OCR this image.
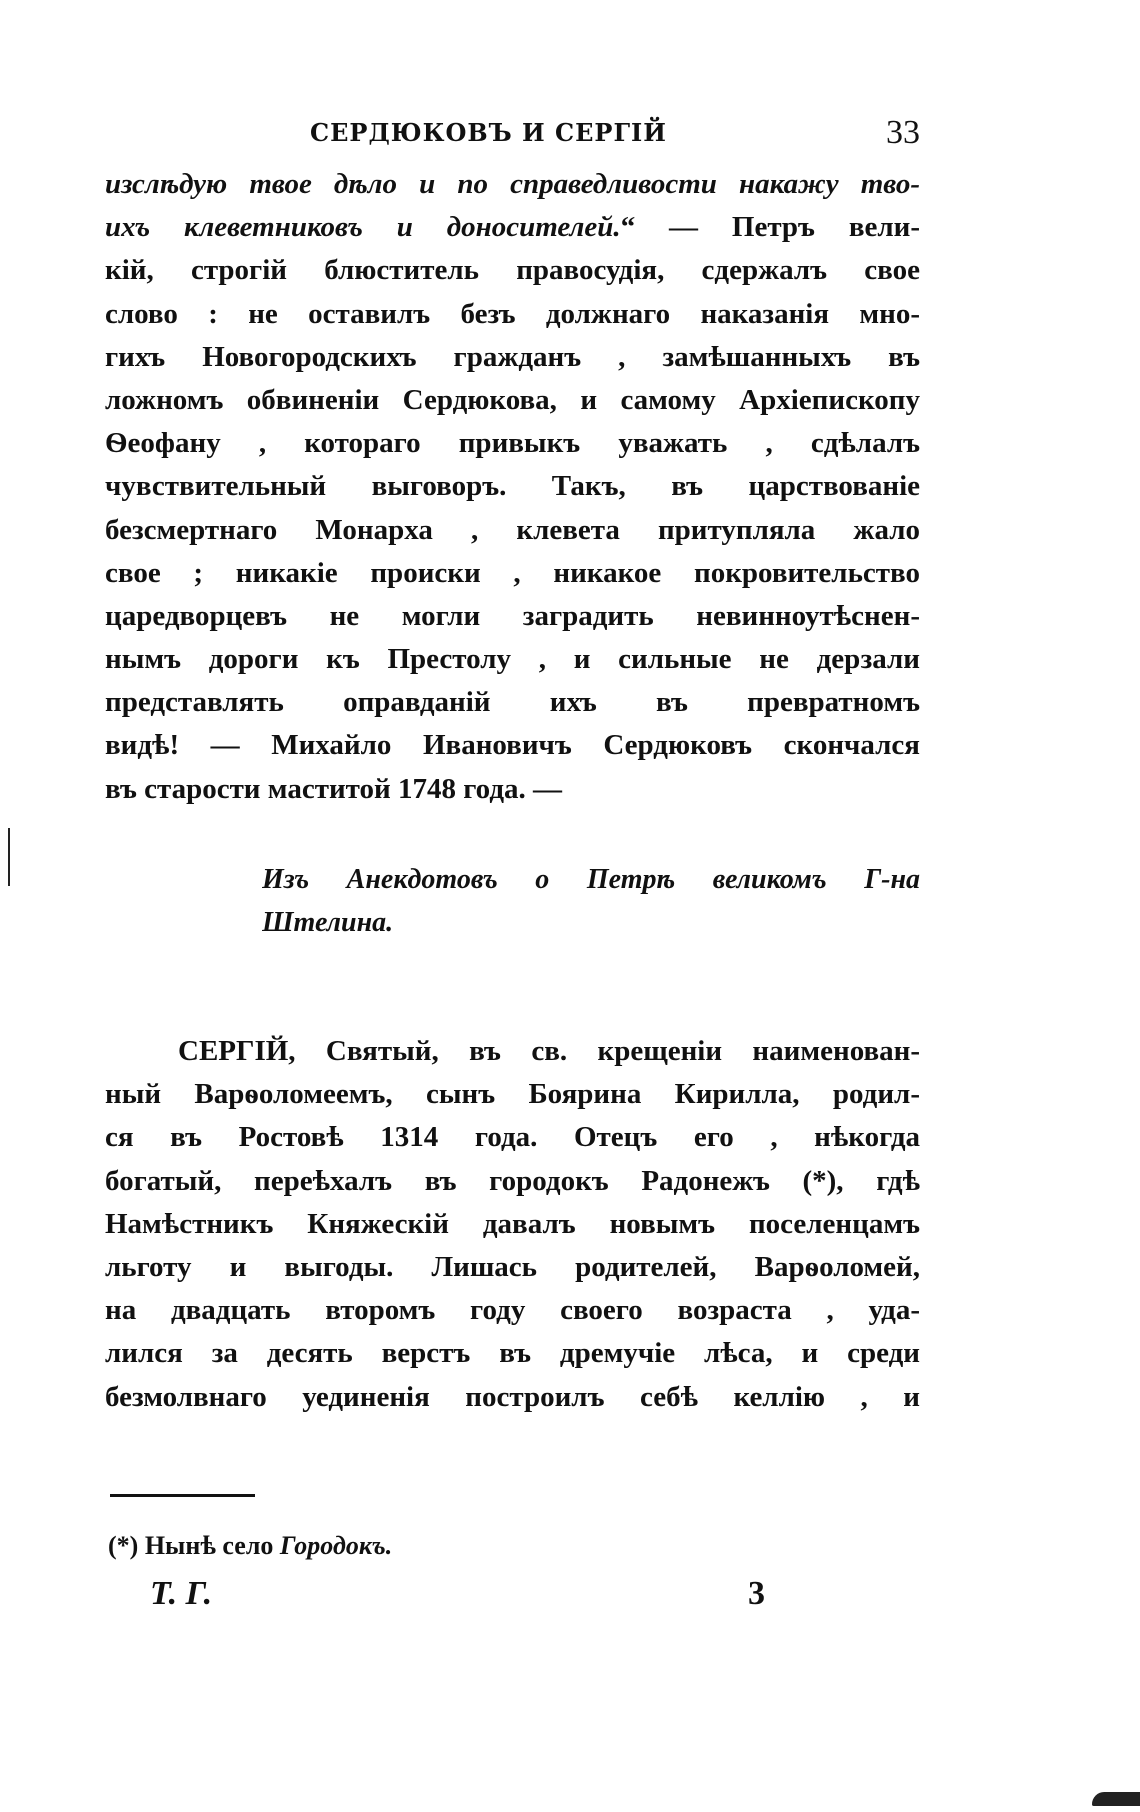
СЕРДЮКОВЪ И СЕРГІЙ	33
изслѣдую твое дѣло и по справедливости накажу тво-
ихъ клеветниковъ и доносителей.“ — Петръ вели-
кій, строгій блюститель правосудія, сдержалъ свое
слово : не оставилъ безъ должнаго наказанія мно-
гихъ Новогородскихъ гражданъ , замѣшанныхъ въ
ложномъ обвиненіи Сердюкова, и самому Архіепископу
Ѳеофану , котораго привыкъ уважать , сдѣлалъ
чувствительный выговоръ. Такъ, въ царствованіе
безсмертнаго Монарха , клевета притупляла жало
свое ; никакіе происки , никакое покровительство
царедворцевъ не могли заградить невинноутѣснен-
нымъ дороги къ Престолу , и сильные не дерзали
представлять оправданій ихъ въ превратномъ
видѣ! — Михайло Ивановичъ Сердюковъ скончался
въ старости маститой 1748 года. —
Изъ Анекдотовъ о Петрѣ великомъ Г-на
Штелина.
СЕРГІЙ, Святый, въ св. крещеніи наименован-
ный Варѳоломеемъ, сынъ Боярина Кирилла, родил-
ся въ Ростовѣ 1314 года. Отецъ его , нѣкогда
богатый, переѣхалъ въ городокъ Радонежъ (*), гдѣ
Намѣстникъ Княжескій давалъ новымъ поселенцамъ
льготу и выгоды. Лишась родителей, Варѳоломей,
на двадцать второмъ году своего возраста , уда-
лился за десять верстъ въ дремучіе лѣса, и среди
безмолвнаго уединенія построилъ себѣ келлію , и
(*) Нынѣ село Городокъ.
Т. Г.	3
